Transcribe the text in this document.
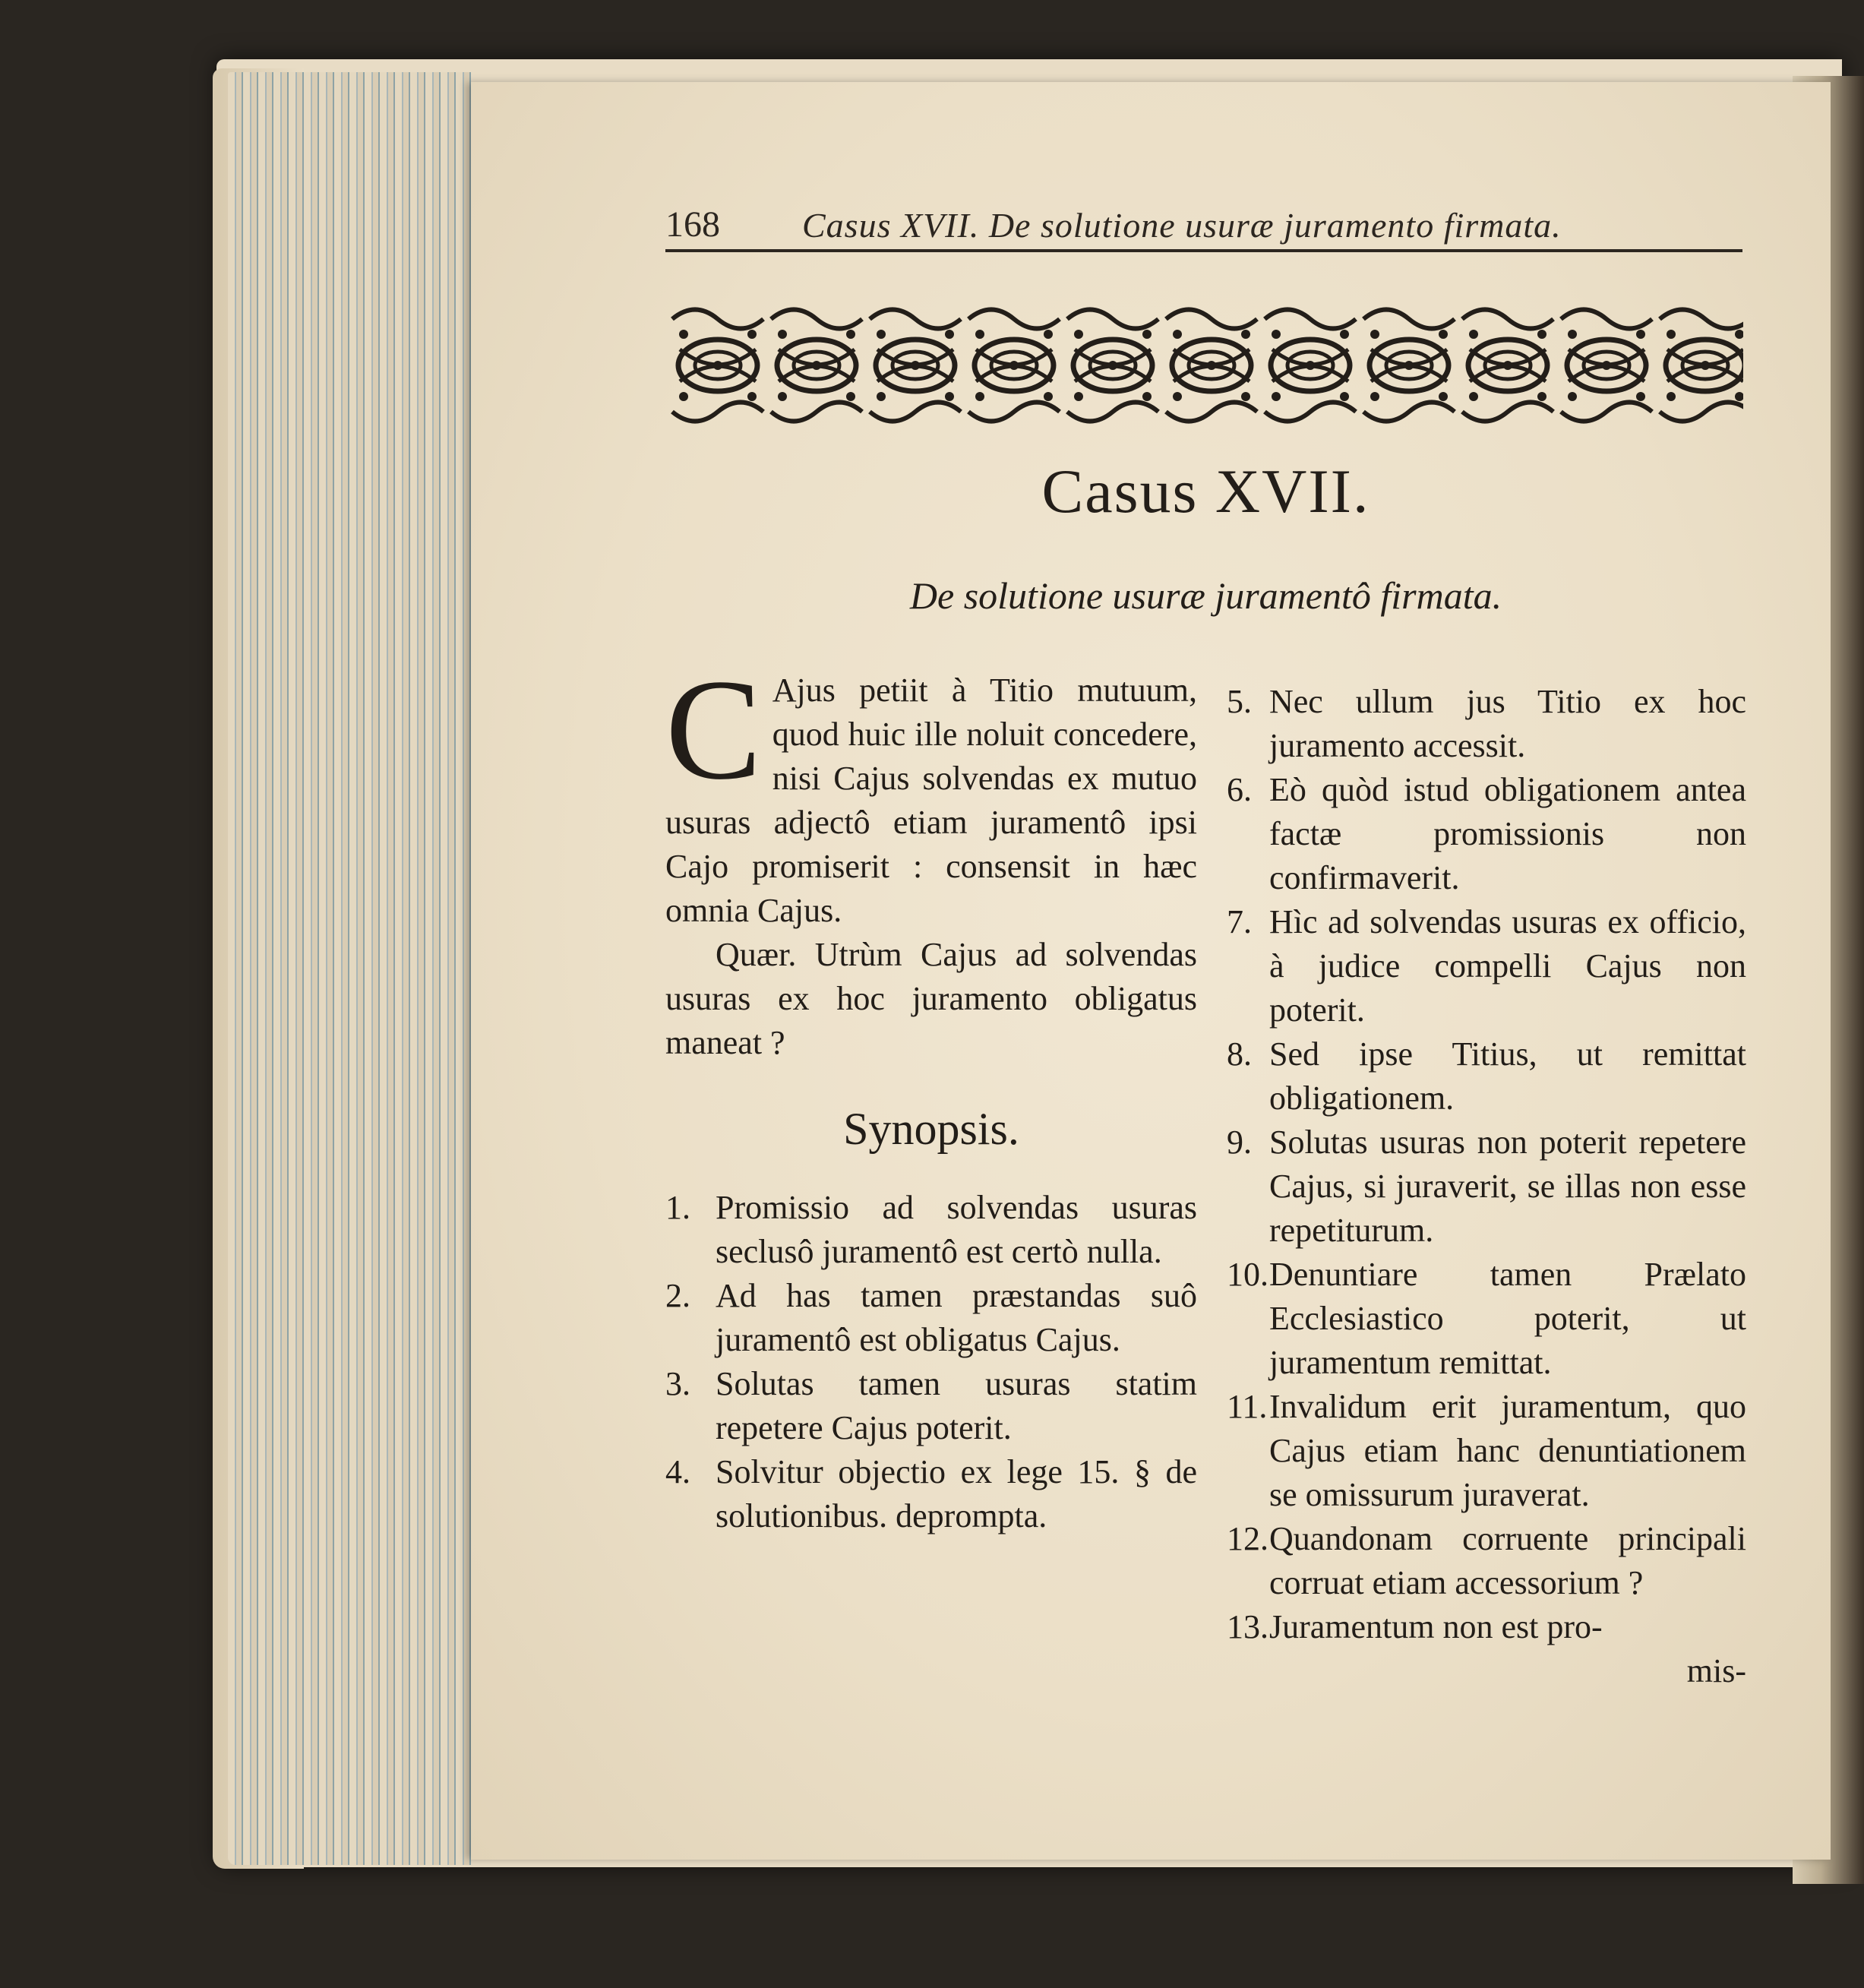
168 Casus XVII. De solutione usuræ juramento firmata.
Casus XVII.
De solutione usuræ juramentô firmata.

C Ajus petiit à Titio mutuum, quod huic ille noluit concedere, nisi Cajus solvendas ex mutuo usuras adjectô etiam juramentô ipsi Cajo promiserit : consensit in hæc omnia Cajus.

Quær. Utrùm Cajus ad solvendas usuras ex hoc juramento obligatus maneat ?

Synopsis.
1. Promissio ad solvendas usuras seclusô juramentô est certò nulla.
2. Ad has tamen præstandas suô juramentô est obligatus Cajus.
3. Solutas tamen usuras statim repetere Cajus poterit.
4. Solvitur objectio ex lege 15. § de solutionibus. deprompta.
5. Nec ullum jus Titio ex hoc juramento accessit.
6. Eò quòd istud obligationem antea factæ promissionis non confirmaverit.
7. Hìc ad solvendas usuras ex officio, à judice compelli Cajus non poterit.
8. Sed ipse Titius, ut remittat obligationem.
9. Solutas usuras non poterit repetere Cajus, si juraverit, se illas non esse repetiturum.
10. Denuntiare tamen Prælato Ecclesiastico poterit, ut juramentum remittat.
11. Invalidum erit juramentum, quo Cajus etiam hanc denuntiationem se omissurum juraverat.
12. Quandonam corruente principali corruat etiam accessorium ?
13. Juramentum non est pro-
mis-
